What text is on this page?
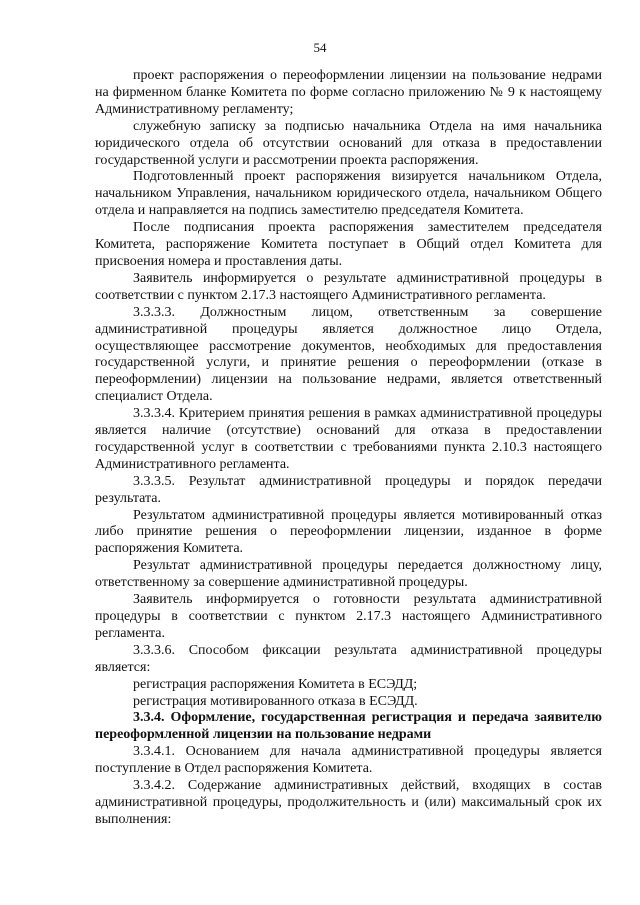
54

проект распоряжения о переоформлении лицензии на пользование недрами на фирменном бланке Комитета по форме согласно приложению № 9 к настоящему Административному регламенту;

служебную записку за подписью начальника Отдела на имя начальника юридического отдела об отсутствии оснований для отказа в предоставлении государственной услуги и рассмотрении проекта распоряжения.

Подготовленный проект распоряжения визируется начальником Отдела, начальником Управления, начальником юридического отдела, начальником Общего отдела и направляется на подпись заместителю председателя Комитета.

После подписания проекта распоряжения заместителем председателя Комитета, распоряжение Комитета поступает в Общий отдел Комитета для присвоения номера и проставления даты.

Заявитель информируется о результате административной процедуры в соответствии с пунктом 2.17.3 настоящего Административного регламента.

3.3.3.3. Должностным лицом, ответственным за совершение административной процедуры является должностное лицо Отдела, осуществляющее рассмотрение документов, необходимых для предоставления государственной услуги, и принятие решения о переоформлении (отказе в переоформлении) лицензии на пользование недрами, является ответственный специалист Отдела.

3.3.3.4. Критерием принятия решения в рамках административной процедуры является наличие (отсутствие) оснований для отказа в предоставлении государственной услуг в соответствии с требованиями пункта 2.10.3 настоящего Административного регламента.

3.3.3.5. Результат административной процедуры и порядок передачи результата.

Результатом административной процедуры является мотивированный отказ либо принятие решения о переоформлении лицензии, изданное в форме распоряжения Комитета.

Результат административной процедуры передается должностному лицу, ответственному за совершение административной процедуры.

Заявитель информируется о готовности результата административной процедуры в соответствии с пунктом 2.17.3 настоящего Административного регламента.

3.3.3.6. Способом фиксации результата административной процедуры является:

регистрация распоряжения Комитета в ЕСЭДД;

регистрация мотивированного отказа в ЕСЭДД.

3.3.4. Оформление, государственная регистрация и передача заявителю переоформленной лицензии на пользование недрами

3.3.4.1. Основанием для начала административной процедуры является поступление в Отдел распоряжения Комитета.

3.3.4.2. Содержание административных действий, входящих в состав административной процедуры, продолжительность и (или) максимальный срок их выполнения:
